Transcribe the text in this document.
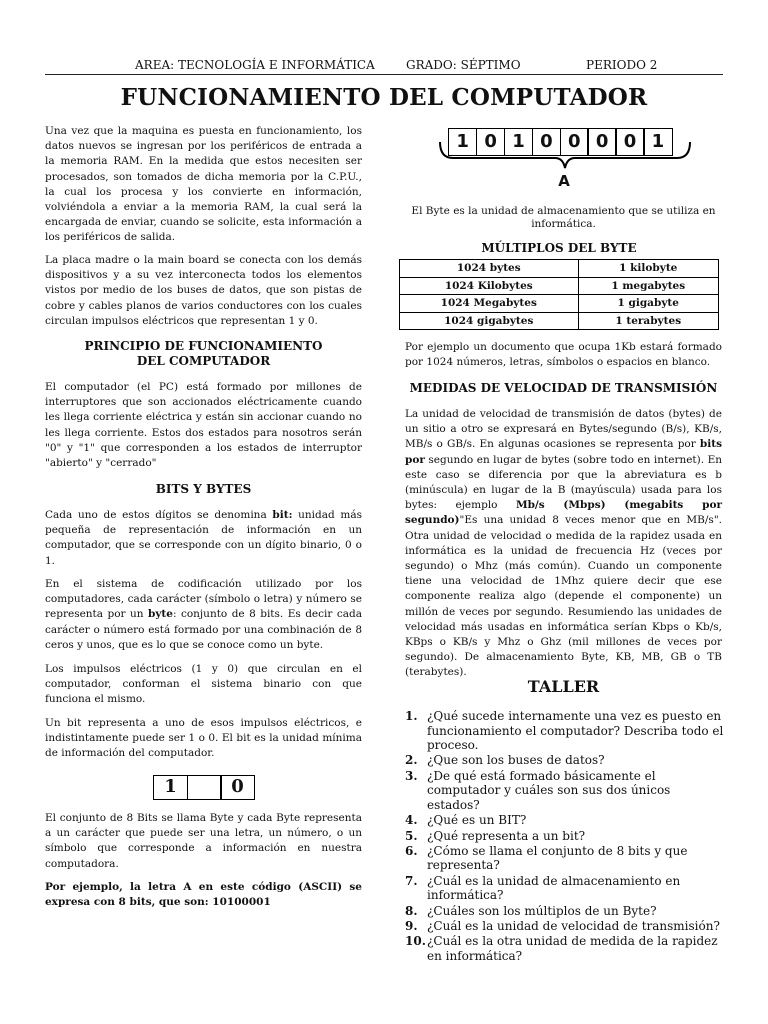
AREA: TECNOLOGÍA E INFORMÁTICA	GRADO: SÉPTIMO	PERIODO 2
FUNCIONAMIENTO DEL COMPUTADOR
Una vez que la maquina es puesta en funcionamiento, los datos nuevos se ingresan por los periféricos de entrada a la memoria RAM. En la medida que estos necesiten ser procesados, son tomados de dicha memoria por la C.P.U., la cual los procesa y los convierte en información, volviéndola a enviar a la memoria RAM, la cual será la encargada de enviar, cuando se solicite, esta información a los periféricos de salida.
La placa madre o la main board se conecta con los demás dispositivos y a su vez interconecta todos los elementos vistos por medio de los buses de datos, que son pistas de cobre y cables planos de varios conductores con los cuales circulan impulsos eléctricos que representan 1 y 0.
PRINCIPIO DE FUNCIONAMIENTO
DEL COMPUTADOR
El computador (el PC) está formado por millones de interruptores que son accionados eléctricamente cuando les llega corriente eléctrica y están sin accionar cuando no les llega corriente. Estos dos estados para nosotros serán "0" y "1" que corresponden a los estados de interruptor "abierto" y "cerrado"
BITS Y BYTES
Cada uno de estos dígitos se denomina bit: unidad más pequeña de representación de información en un computador, que se corresponde con un dígito binario, 0 o 1.
En el sistema de codificación utilizado por los computadores, cada carácter (símbolo o letra) y número se representa por un byte: conjunto de 8 bits. Es decir cada carácter o número está formado por una combinación de 8 ceros y unos, que es lo que se conoce como un byte.
Los impulsos eléctricos (1 y 0) que circulan en el computador, conforman el sistema binario con que funciona el mismo.
Un bit representa a uno de esos impulsos eléctricos, e indistintamente puede ser 1 o 0. El bit es la unidad mínima de información del computador.
1	0
El conjunto de 8 Bits se llama Byte y cada Byte representa a un carácter que puede ser una letra, un número, o un símbolo que corresponde a información en nuestra computadora.
Por ejemplo, la letra A en este código (ASCII) se expresa con 8 bits, que son: 10100001
1 0 1 0 0 0 0 1
A
El Byte es la unidad de almacenamiento que se utiliza en informática.
MÚLTIPLOS DEL BYTE
1024 bytes	1 kilobyte
1024 Kilobytes	1 megabytes
1024 Megabytes	1 gigabyte
1024 gigabytes	1 terabytes
Por ejemplo un documento que ocupa 1Kb estará formado por 1024 números, letras, símbolos o espacios en blanco.
MEDIDAS DE VELOCIDAD DE TRANSMISIÓN
La unidad de velocidad de transmisión de datos (bytes) de un sitio a otro se expresará en Bytes/segundo (B/s), KB/s, MB/s o GB/s. En algunas ocasiones se representa por bits por segundo en lugar de bytes (sobre todo en internet). En este caso se diferencia por que la abreviatura es b (minúscula) en lugar de la B (mayúscula) usada para los bytes: ejemplo Mb/s (Mbps) (megabits por segundo)"Es una unidad 8 veces menor que en MB/s". Otra unidad de velocidad o medida de la rapidez usada en informática es la unidad de frecuencia Hz (veces por segundo) o Mhz (más común). Cuando un componente tiene una velocidad de 1Mhz quiere decir que ese componente realiza algo (depende el componente) un millón de veces por segundo. Resumiendo las unidades de velocidad más usadas en informática serían Kbps o Kb/s, KBps o KB/s y Mhz o Ghz (mil millones de veces por segundo). De almacenamiento Byte, KB, MB, GB o TB (terabytes).
TALLER
1. ¿Qué sucede internamente una vez es puesto en funcionamiento el computador? Describa todo el proceso.
2. ¿Que son los buses de datos?
3. ¿De qué está formado básicamente el computador y cuáles son sus dos únicos estados?
4. ¿Qué es un BIT?
5. ¿Qué representa a un bit?
6. ¿Cómo se llama el conjunto de 8 bits y que representa?
7. ¿Cuál es la unidad de almacenamiento en informática?
8. ¿Cuáles son los múltiplos de un Byte?
9. ¿Cuál es la unidad de velocidad de transmisión?
10. ¿Cuál es la otra unidad de medida de la rapidez en informática?
